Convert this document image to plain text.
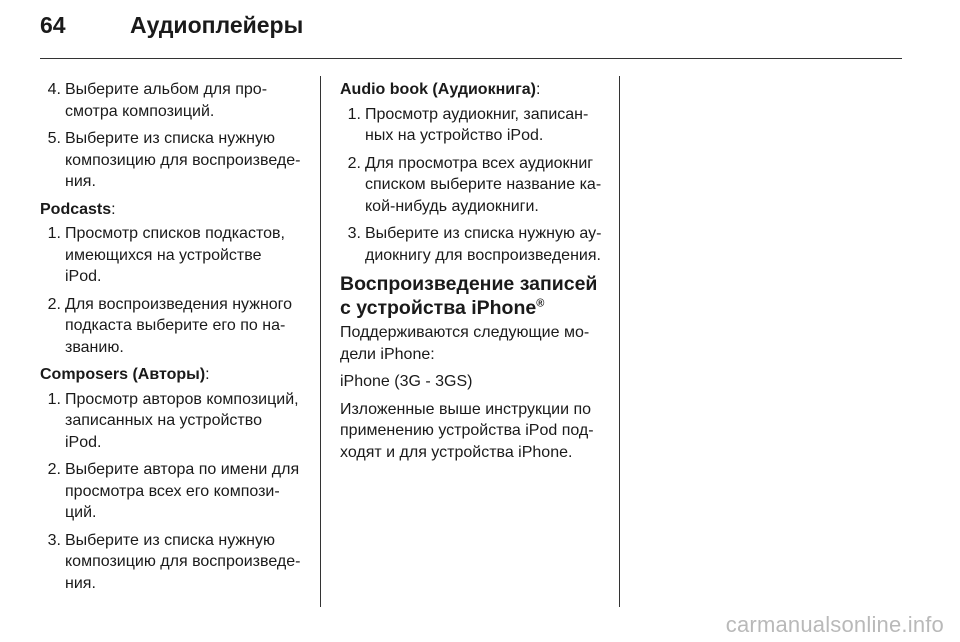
64	Аудиоплейеры
4. Выберите альбом для про-смотра композиций.
5. Выберите из списка нужную композицию для воспроизведе-ния.
Podcasts:
1. Просмотр списков подкастов, имеющихся на устройстве iPod.
2. Для воспроизведения нужного подкаста выберите его по на-званию.
Composers (Авторы):
1. Просмотр авторов композиций, записанных на устройство iPod.
2. Выберите автора по имени для просмотра всех его компози-ций.
3. Выберите из списка нужную композицию для воспроизведе-ния.
Audio book (Аудиокнига):
1. Просмотр аудиокниг, записан-ных на устройство iPod.
2. Для просмотра всех аудиокниг списком выберите название ка-кой-нибудь аудиокниги.
3. Выберите из списка нужную ау-диокнигу для воспроизведения.
Воспроизведение записей с устройства iPhone®

Поддерживаются следующие мо-дели iPhone:

iPhone (3G - 3GS)

Изложенные выше инструкции по применению устройства iPod под-ходят и для устройства iPhone.

carmanualsonline.info
